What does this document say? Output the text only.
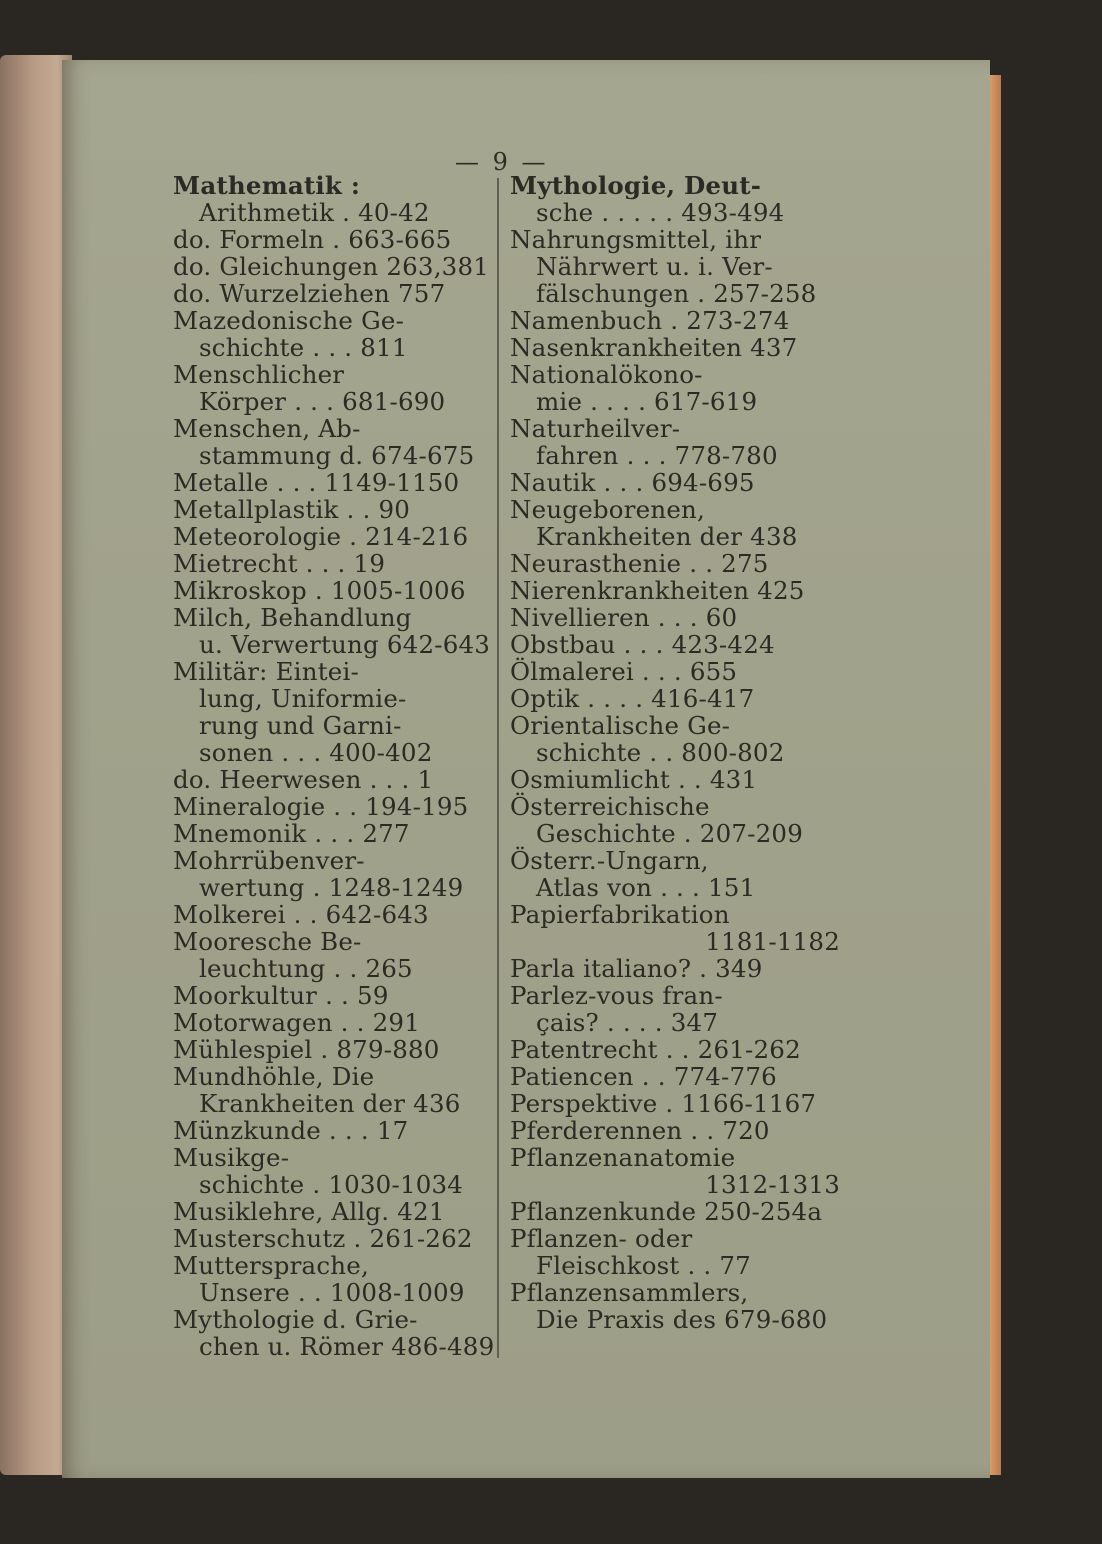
— 9 —
Mathematik :
Arithmetik . 40-42
do. Formeln . 663-665
do. Gleichungen 263,381
do. Wurzelziehen 757
Mazedonische Ge-
schichte . . . 811
Menschlicher
Körper . . . 681-690
Menschen, Ab-
stammung d. 674-675
Metalle . . . 1149-1150
Metallplastik . . 90
Meteorologie . 214-216
Mietrecht . . . 19
Mikroskop . 1005-1006
Milch, Behandlung
u. Verwertung 642-643
Militär: Eintei-
lung, Uniformie-
rung und Garni-
sonen . . . 400-402
do. Heerwesen . . . 1
Mineralogie . . 194-195
Mnemonik . . . 277
Mohrrübenver-
wertung . 1248-1249
Molkerei . . 642-643
Mooresche Be-
leuchtung . . 265
Moorkultur . . 59
Motorwagen . . 291
Mühlespiel . 879-880
Mundhöhle, Die
Krankheiten der 436
Münzkunde . . . 17
Musikge-
schichte . 1030-1034
Musiklehre, Allg. 421
Musterschutz . 261-262
Muttersprache,
Unsere . . 1008-1009
Mythologie d. Grie-
chen u. Römer 486-489
Mythologie, Deut-
sche . . . . . 493-494
Nahrungsmittel, ihr
Nährwert u. i. Ver-
fälschungen . 257-258
Namenbuch . 273-274
Nasenkrankheiten 437
Nationalökono-
mie . . . . 617-619
Naturheilver-
fahren . . . 778-780
Nautik . . . 694-695
Neugeborenen,
Krankheiten der 438
Neurasthenie . . 275
Nierenkrankheiten 425
Nivellieren . . . 60
Obstbau . . . 423-424
Ölmalerei . . . 655
Optik . . . . 416-417
Orientalische Ge-
schichte . . 800-802
Osmiumlicht . . 431
Österreichische
Geschichte . 207-209
Österr.-Ungarn,
Atlas von . . . 151
Papierfabrikation
1181-1182
Parla italiano? . 349
Parlez-vous fran-
çais? . . . . 347
Patentrecht . . 261-262
Patiencen . . 774-776
Perspektive . 1166-1167
Pferderennen . . 720
Pflanzenanatomie
1312-1313
Pflanzenkunde 250-254a
Pflanzen- oder
Fleischkost . . 77
Pflanzensammlers,
Die Praxis des 679-680
